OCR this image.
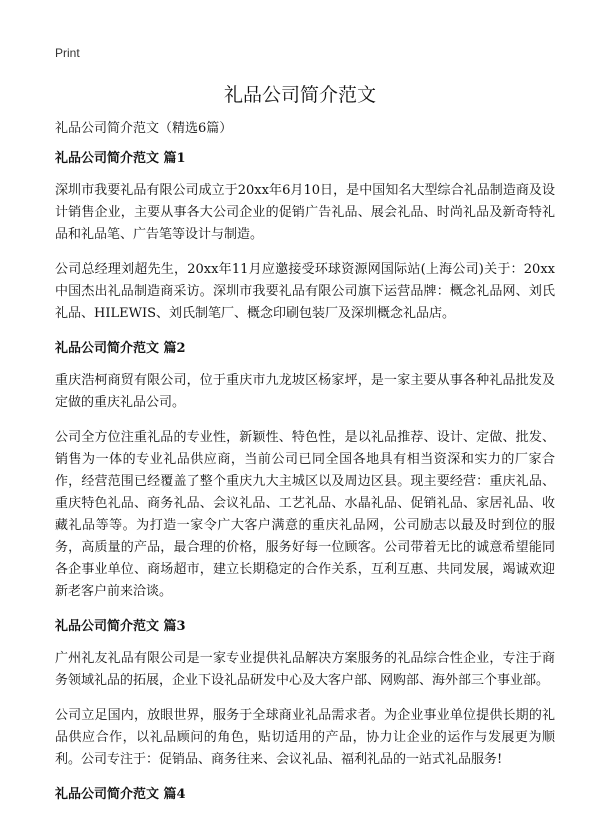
Print
礼品公司简介范文

礼品公司简介范文（精选6篇）

礼品公司简介范文 篇1

深圳市我要礼品有限公司成立于20xx年6月10日，是中国知名大型综合礼品制造商及设计销售企业，主要从事各大公司企业的促销广告礼品、展会礼品、时尚礼品及新奇特礼品和礼品笔、广告笔等设计与制造。

公司总经理刘超先生，20xx年11月应邀接受环球资源网国际站(上海公司)关于：20xx中国杰出礼品制造商采访。深圳市我要礼品有限公司旗下运营品牌：概念礼品网、刘氏礼品、HILEWIS、刘氏制笔厂、概念印刷包装厂及深圳概念礼品店。

礼品公司简介范文 篇2

重庆浩柯商贸有限公司，位于重庆市九龙坡区杨家坪，是一家主要从事各种礼品批发及定做的重庆礼品公司。

公司全方位注重礼品的专业性，新颖性、特色性，是以礼品推荐、设计、定做、批发、销售为一体的专业礼品供应商，当前公司已同全国各地具有相当资深和实力的厂家合作，经营范围已经覆盖了整个重庆九大主城区以及周边区县。现主要经营：重庆礼品、重庆特色礼品、商务礼品、会议礼品、工艺礼品、水晶礼品、促销礼品、家居礼品、收藏礼品等等。为打造一家令广大客户满意的重庆礼品网，公司励志以最及时到位的服务，高质量的产品，最合理的价格，服务好每一位顾客。公司带着无比的诚意希望能同各企事业单位、商场超市，建立长期稳定的合作关系，互利互惠、共同发展，竭诚欢迎新老客户前来洽谈。

礼品公司简介范文 篇3

广州礼友礼品有限公司是一家专业提供礼品解决方案服务的礼品综合性企业，专注于商务领域礼品的拓展，企业下设礼品研发中心及大客户部、网购部、海外部三个事业部。

公司立足国内，放眼世界，服务于全球商业礼品需求者。为企业事业单位提供长期的礼品供应合作，以礼品顾问的角色，贴切适用的产品，协力让企业的运作与发展更为顺利。公司专注于：促销品、商务往来、会议礼品、福利礼品的一站式礼品服务!

礼品公司简介范文 篇4
